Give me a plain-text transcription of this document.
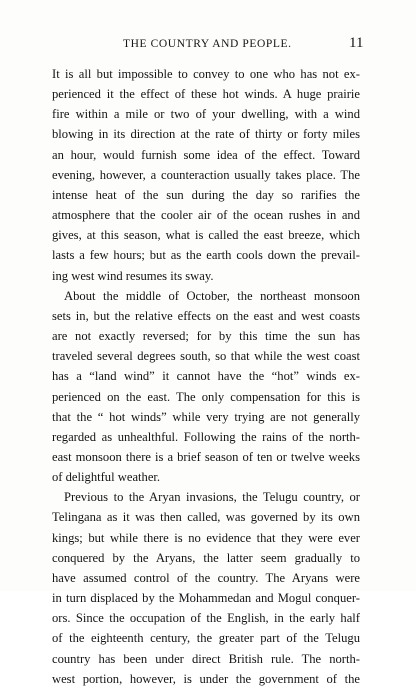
THE COUNTRY AND PEOPLE.	11
It is all but impossible to convey to one who has not ex-
perienced it the effect of these hot winds. A huge prairie
fire within a mile or two of your dwelling, with a wind
blowing in its direction at the rate of thirty or forty miles
an hour, would furnish some idea of the effect. Toward
evening, however, a counteraction usually takes place. The
intense heat of the sun during the day so rarifies the
atmosphere that the cooler air of the ocean rushes in and
gives, at this season, what is called the east breeze, which
lasts a few hours; but as the earth cools down the prevail-
ing west wind resumes its sway.
About the middle of October, the northeast monsoon
sets in, but the relative effects on the east and west coasts
are not exactly reversed; for by this time the sun has
traveled several degrees south, so that while the west coast
has a “land wind” it cannot have the “hot” winds ex-
perienced on the east. The only compensation for this is
that the “ hot winds” while very trying are not generally
regarded as unhealthful. Following the rains of the north-
east monsoon there is a brief season of ten or twelve weeks
of delightful weather.
Previous to the Aryan invasions, the Telugu country, or
Telingana as it was then called, was governed by its own
kings; but while there is no evidence that they were ever
conquered by the Aryans, the latter seem gradually to
have assumed control of the country. The Aryans were
in turn displaced by the Mohammedan and Mogul conquer-
ors. Since the occupation of the English, in the early half
of the eighteenth century, the greater part of the Telugu
country has been under direct British rule. The north-
west portion, however, is under the government of the
